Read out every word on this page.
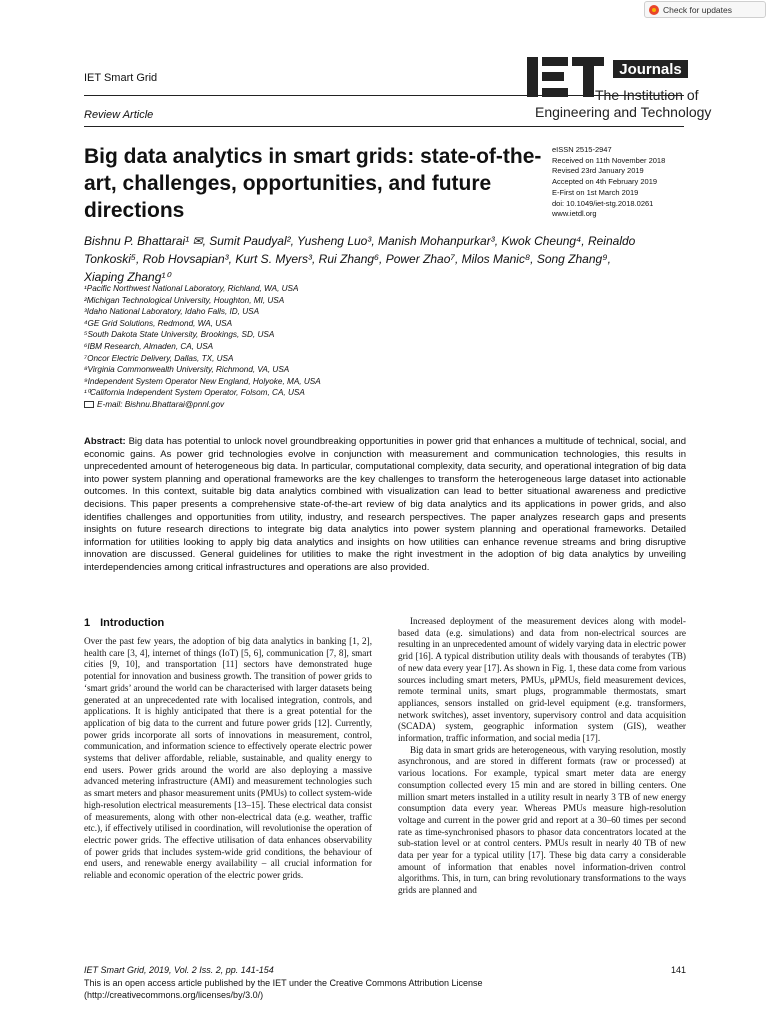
Check for updates
IET Smart Grid
Review Article
Journals
The Institution of
Engineering and Technology
Big data analytics in smart grids: state-of-the-art, challenges, opportunities, and future directions
eISSN 2515-2947
Received on 11th November 2018
Revised 23rd January 2019
Accepted on 4th February 2019
E-First on 1st March 2019
doi: 10.1049/iet-stg.2018.0261
www.ietdl.org
Bishnu P. Bhattarai¹ ✉, Sumit Paudyal², Yusheng Luo³, Manish Mohanpurkar³, Kwok Cheung⁴, Reinaldo
Tonkoski⁵, Rob Hovsapian³, Kurt S. Myers³, Rui Zhang⁶, Power Zhao⁷, Milos Manic⁸, Song Zhang⁹,
Xiaping Zhang¹⁰
¹Pacific Northwest National Laboratory, Richland, WA, USA
²Michigan Technological University, Houghton, MI, USA
³Idaho National Laboratory, Idaho Falls, ID, USA
⁴GE Grid Solutions, Redmond, WA, USA
⁵South Dakota State University, Brookings, SD, USA
⁶IBM Research, Almaden, CA, USA
⁷Oncor Electric Delivery, Dallas, TX, USA
⁸Virginia Commonwealth University, Richmond, VA, USA
⁹Independent System Operator New England, Holyoke, MA, USA
¹⁰California Independent System Operator, Folsom, CA, USA
E-mail: Bishnu.Bhattarai@pnnl.gov
Abstract: Big data has potential to unlock novel groundbreaking opportunities in power grid that enhances a multitude of technical, social, and economic gains. As power grid technologies evolve in conjunction with measurement and communication technologies, this results in unprecedented amount of heterogeneous big data. In particular, computational complexity, data security, and operational integration of big data into power system planning and operational frameworks are the key challenges to transform the heterogeneous large dataset into actionable outcomes. In this context, suitable big data analytics combined with visualization can lead to better situational awareness and predictive decisions. This paper presents a comprehensive state-of-the-art review of big data analytics and its applications in power grids, and also identifies challenges and opportunities from utility, industry, and research perspectives. The paper analyzes research gaps and presents insights on future research directions to integrate big data analytics into power system planning and operational frameworks. Detailed information for utilities looking to apply big data analytics and insights on how utilities can enhance revenue streams and bring disruptive innovation are discussed. General guidelines for utilities to make the right investment in the adoption of big data analytics by unveiling interdependencies among critical infrastructures and operations are also provided.
1 Introduction

Over the past few years, the adoption of big data analytics in banking [1, 2], health care [3, 4], internet of things (IoT) [5, 6], communication [7, 8], smart cities [9, 10], and transportation [11] sectors have demonstrated huge potential for innovation and business growth. The transition of power grids to ‘smart grids’ around the world can be characterised with larger datasets being generated at an unprecedented rate with localised integration, controls, and applications. It is highly anticipated that there is a great potential for the application of big data to the current and future power grids [12]. Currently, power grids incorporate all sorts of innovations in measurement, control, communication, and information science to effectively operate electric power systems that deliver affordable, reliable, sustainable, and quality energy to end users. Power grids around the world are also deploying a massive advanced metering infrastructure (AMI) and measurement technologies such as smart meters and phasor measurement units (PMUs) to collect system-wide high-resolution electrical measurements [13–15]. These electrical data consist of measurements, along with other non-electrical data (e.g. weather, traffic etc.), if effectively utilised in coordination, will revolutionise the operation of electric power grids. The effective utilisation of data enhances observability of power grids that includes system-wide grid conditions, the behaviour of end users, and renewable energy availability – all crucial information for reliable and economic operation of the electric power grids.

Increased deployment of the measurement devices along with model-based data (e.g. simulations) and data from non-electrical sources are resulting in an unprecedented amount of widely varying data in electric power grid [16]. A typical distribution utility deals with thousands of terabytes (TB) of new data every year [17]. As shown in Fig. 1, these data come from various sources including smart meters, PMUs, μPMUs, field measurement devices, remote terminal units, smart plugs, programmable thermostats, smart appliances, sensors installed on grid-level equipment (e.g. transformers, network switches), asset inventory, supervisory control and data acquisition (SCADA) system, geographic information system (GIS), weather information, traffic information, and social media [17].

Big data in smart grids are heterogeneous, with varying resolution, mostly asynchronous, and are stored in different formats (raw or processed) at various locations. For example, typical smart meter data are energy consumption collected every 15 min and are stored in billing centers. One million smart meters installed in a utility result in nearly 3 TB of new energy consumption data every year. Whereas PMUs measure high-resolution voltage and current in the power grid and report at a 30–60 times per second rate as time-synchronised phasors to phasor data concentrators located at the sub-station level or at control centers. PMUs result in nearly 40 TB of new data per year for a typical utility [17]. These big data carry a considerable amount of information that enables novel information-driven control algorithms. This, in turn, can bring revolutionary transformations to the ways grids are planned and

IET Smart Grid, 2019, Vol. 2 Iss. 2, pp. 141-154	141
This is an open access article published by the IET under the Creative Commons Attribution License
(http://creativecommons.org/licenses/by/3.0/)
